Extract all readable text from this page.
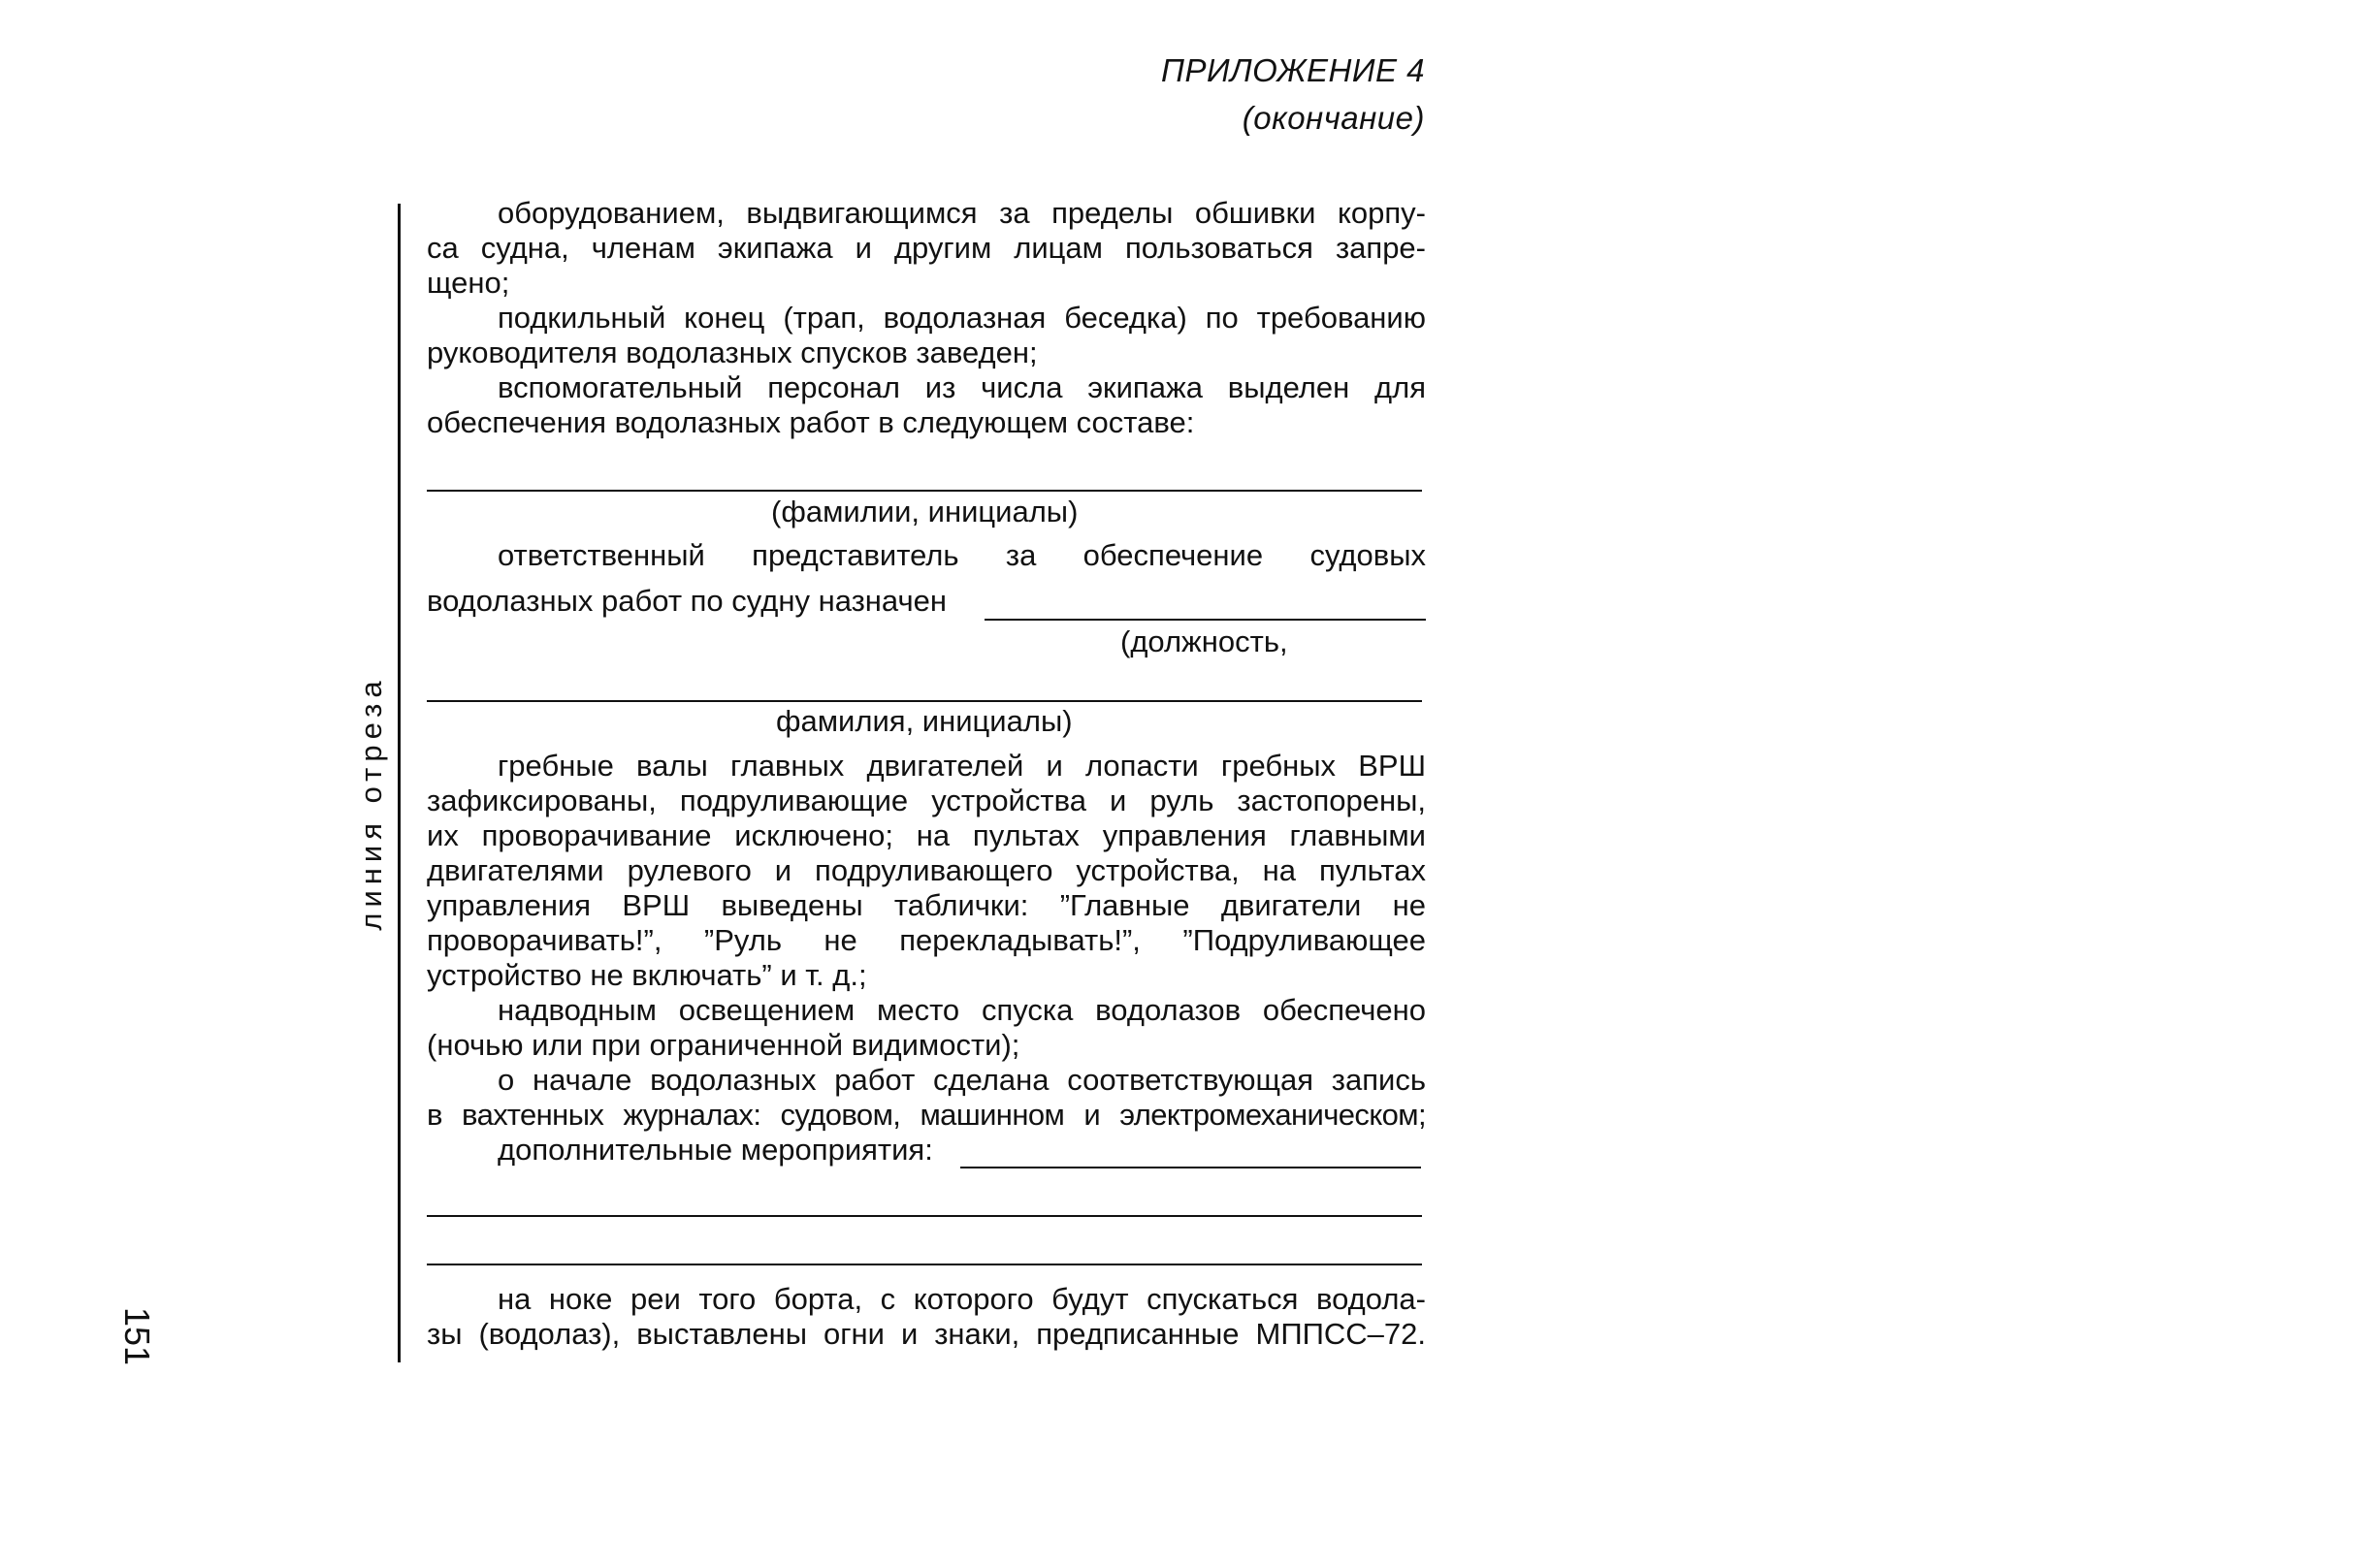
ПРИЛОЖЕНИЕ 4
(окончание)
линия отреза
151
оборудованием, выдвигающимся за пределы обшивки корпу-
са судна, членам экипажа и другим лицам пользоваться запре-
щено;
подкильный конец (трап, водолазная беседка) по требованию
руководителя водолазных спусков заведен;
вспомогательный персонал из числа экипажа выделен для
обеспечения водолазных работ в следующем составе:
(фамилии, инициалы)
ответственный представитель за обеспечение судовых
водолазных работ по судну назначен
(должность,
фамилия, инициалы)
гребные валы главных двигателей и лопасти гребных ВРШ
зафиксированы, подруливающие устройства и руль застопорены,
их проворачивание исключено; на пультах управления главными
двигателями рулевого и подруливающего устройства, на пультах
управления ВРШ выведены таблички: ”Главные двигатели не
проворачивать!”, ”Руль не перекладывать!”, ”Подруливающее
устройство не включать” и т. д.;
надводным освещением место спуска водолазов обеспечено
(ночью или при ограниченной видимости);
о начале водолазных работ сделана соответствующая запись
в вахтенных журналах: судовом, машинном и электромеханическом;
дополнительные мероприятия:
на ноке реи того борта, с которого будут спускаться водола-
зы (водолаз), выставлены огни и знаки, предписанные МППСС–72.
